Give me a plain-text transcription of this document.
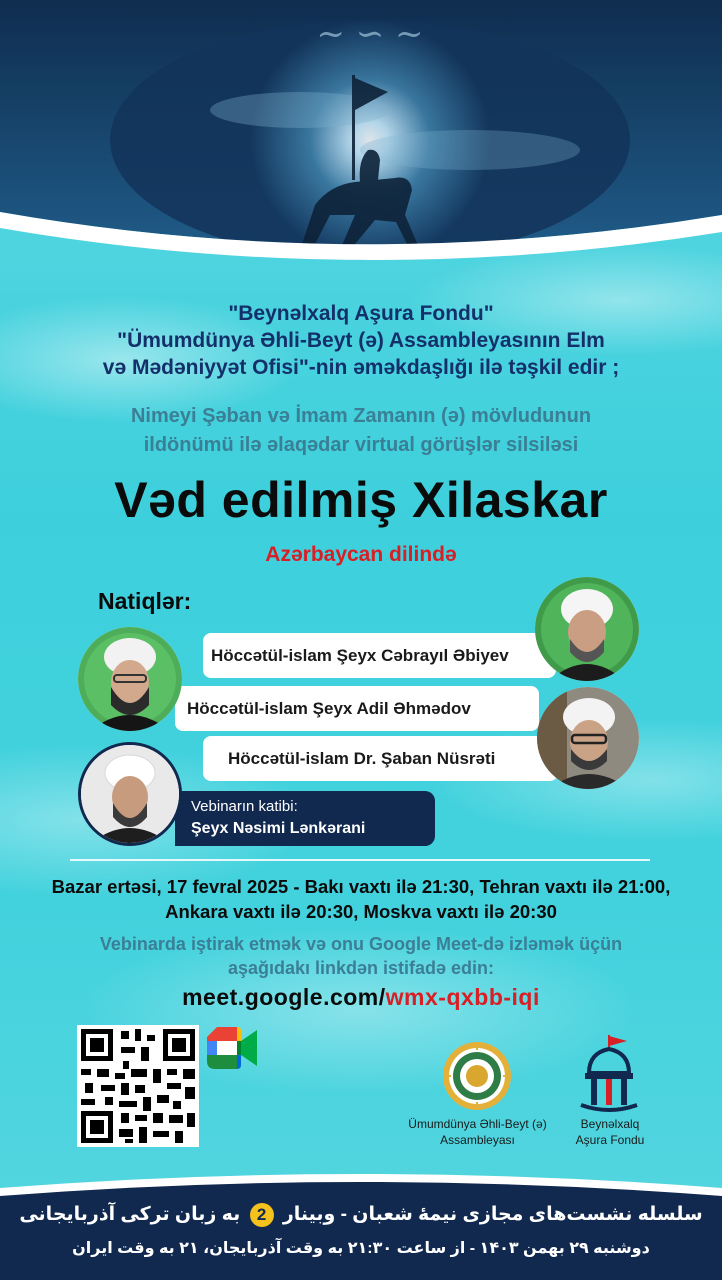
~ ∽ ~
"Beynəlxalq Aşura Fondu"
"Ümumdünya Əhli-Beyt (ə) Assambleyasının Elm
və Mədəniyyət Ofisi"-nin əməkdaşlığı ilə təşkil edir ;
Nimeyi Şəban və İmam Zamanın (ə) mövludunun
ildönümü ilə əlaqədar virtual görüşlər silsiləsi
Vəd edilmiş Xilaskar
Azərbaycan dilində
Natiqlər:
Höccətül-islam Şeyx Cəbrayıl Əbiyev
Höccətül-islam Şeyx Adil Əhmədov
Höccətül-islam Dr. Şaban Nüsrəti
Vebinarın katibi:
Şeyx Nəsimi Lənkərani
Bazar ertəsi, 17 fevral 2025 - Bakı vaxtı ilə 21:30, Tehran vaxtı ilə 21:00,
Ankara vaxtı ilə 20:30, Moskva vaxtı ilə 20:30
Vebinarda iştirak etmək və onu Google Meet-də izləmək üçün
aşağıdakı linkdən istifadə edin:
meet.google.com/wmx-qxbb-iqi
Ümumdünya Əhli-Beyt (ə)
Assambleyası
Beynəlxalq
Aşura Fondu
سلسله نشست‌های مجازی نیمهٔ شعبان - وبینار 2 به زبان ترکی آذربایجانی
دوشنبه ۲۹ بهمن ۱۴۰۳ - از ساعت ۲۱:۳۰ به وقت آذربایجان، ۲۱ به وقت ایران
